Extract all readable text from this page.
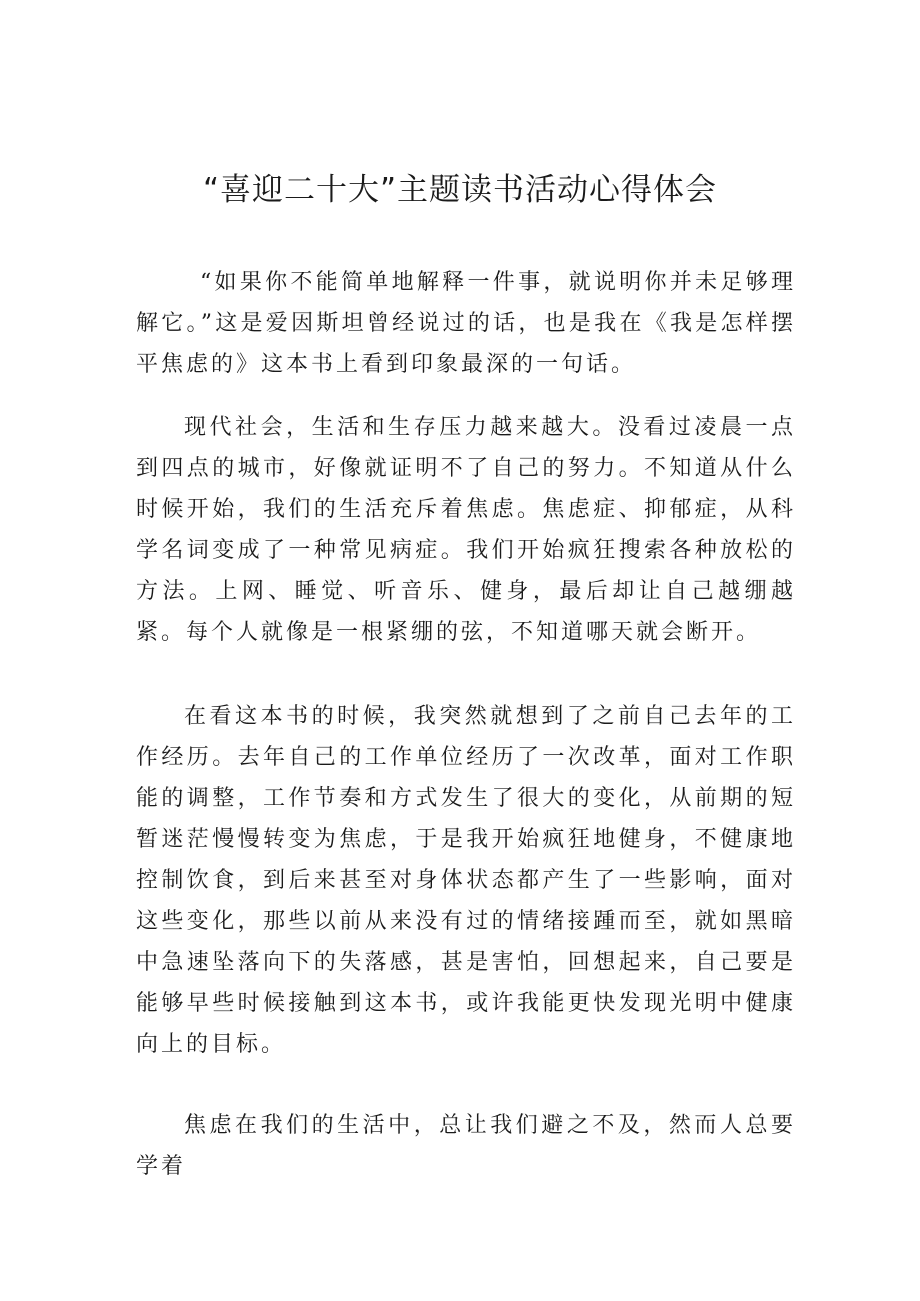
“喜迎二十大”主题读书活动心得体会

“如果你不能简单地解释一件事，就说明你并未足够理解它。”这是爱因斯坦曾经说过的话，也是我在《我是怎样摆平焦虑的》这本书上看到印象最深的一句话。

现代社会，生活和生存压力越来越大。没看过凌晨一点到四点的城市，好像就证明不了自己的努力。不知道从什么时候开始，我们的生活充斥着焦虑。焦虑症、抑郁症，从科学名词变成了一种常见病症。我们开始疯狂搜索各种放松的方法。上网、睡觉、听音乐、健身，最后却让自己越绷越紧。每个人就像是一根紧绷的弦，不知道哪天就会断开。

在看这本书的时候，我突然就想到了之前自己去年的工作经历。去年自己的工作单位经历了一次改革，面对工作职能的调整，工作节奏和方式发生了很大的变化，从前期的短暂迷茫慢慢转变为焦虑，于是我开始疯狂地健身，不健康地控制饮食，到后来甚至对身体状态都产生了一些影响，面对这些变化，那些以前从来没有过的情绪接踵而至，就如黑暗中急速坠落向下的失落感，甚是害怕，回想起来，自己要是能够早些时候接触到这本书，或许我能更快发现光明中健康向上的目标。

焦虑在我们的生活中，总让我们避之不及，然而人总要学着
